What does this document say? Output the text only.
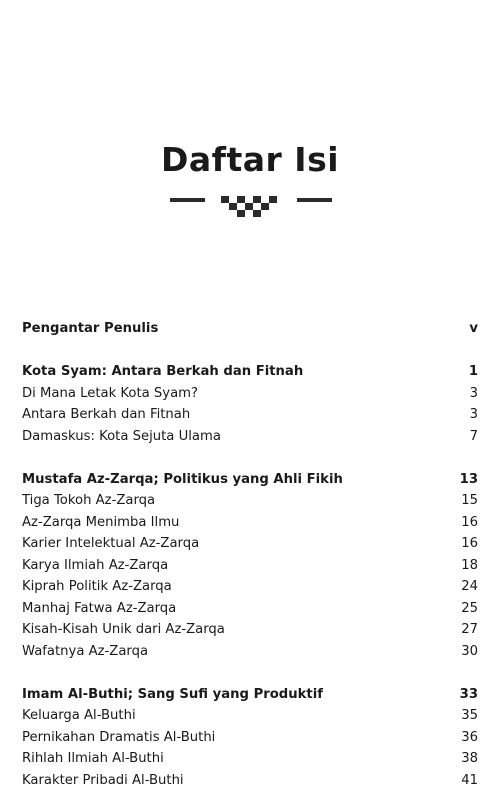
Daftar Isi
Pengantar Penulis	v
Kota Syam: Antara Berkah dan Fitnah	1
Di Mana Letak Kota Syam?	3
Antara Berkah dan Fitnah	3
Damaskus: Kota Sejuta Ulama	7
Mustafa Az-Zarqa; Politikus yang Ahli Fikih	13
Tiga Tokoh Az-Zarqa	15
Az-Zarqa Menimba Ilmu	16
Karier Intelektual Az-Zarqa	16
Karya Ilmiah Az-Zarqa	18
Kiprah Politik Az-Zarqa	24
Manhaj Fatwa Az-Zarqa	25
Kisah-Kisah Unik dari Az-Zarqa	27
Wafatnya Az-Zarqa	30
Imam Al-Buthi; Sang Sufi yang Produktif	33
Keluarga Al-Buthi	35
Pernikahan Dramatis Al-Buthi	36
Rihlah Ilmiah Al-Buthi	38
Karakter Pribadi Al-Buthi	41
